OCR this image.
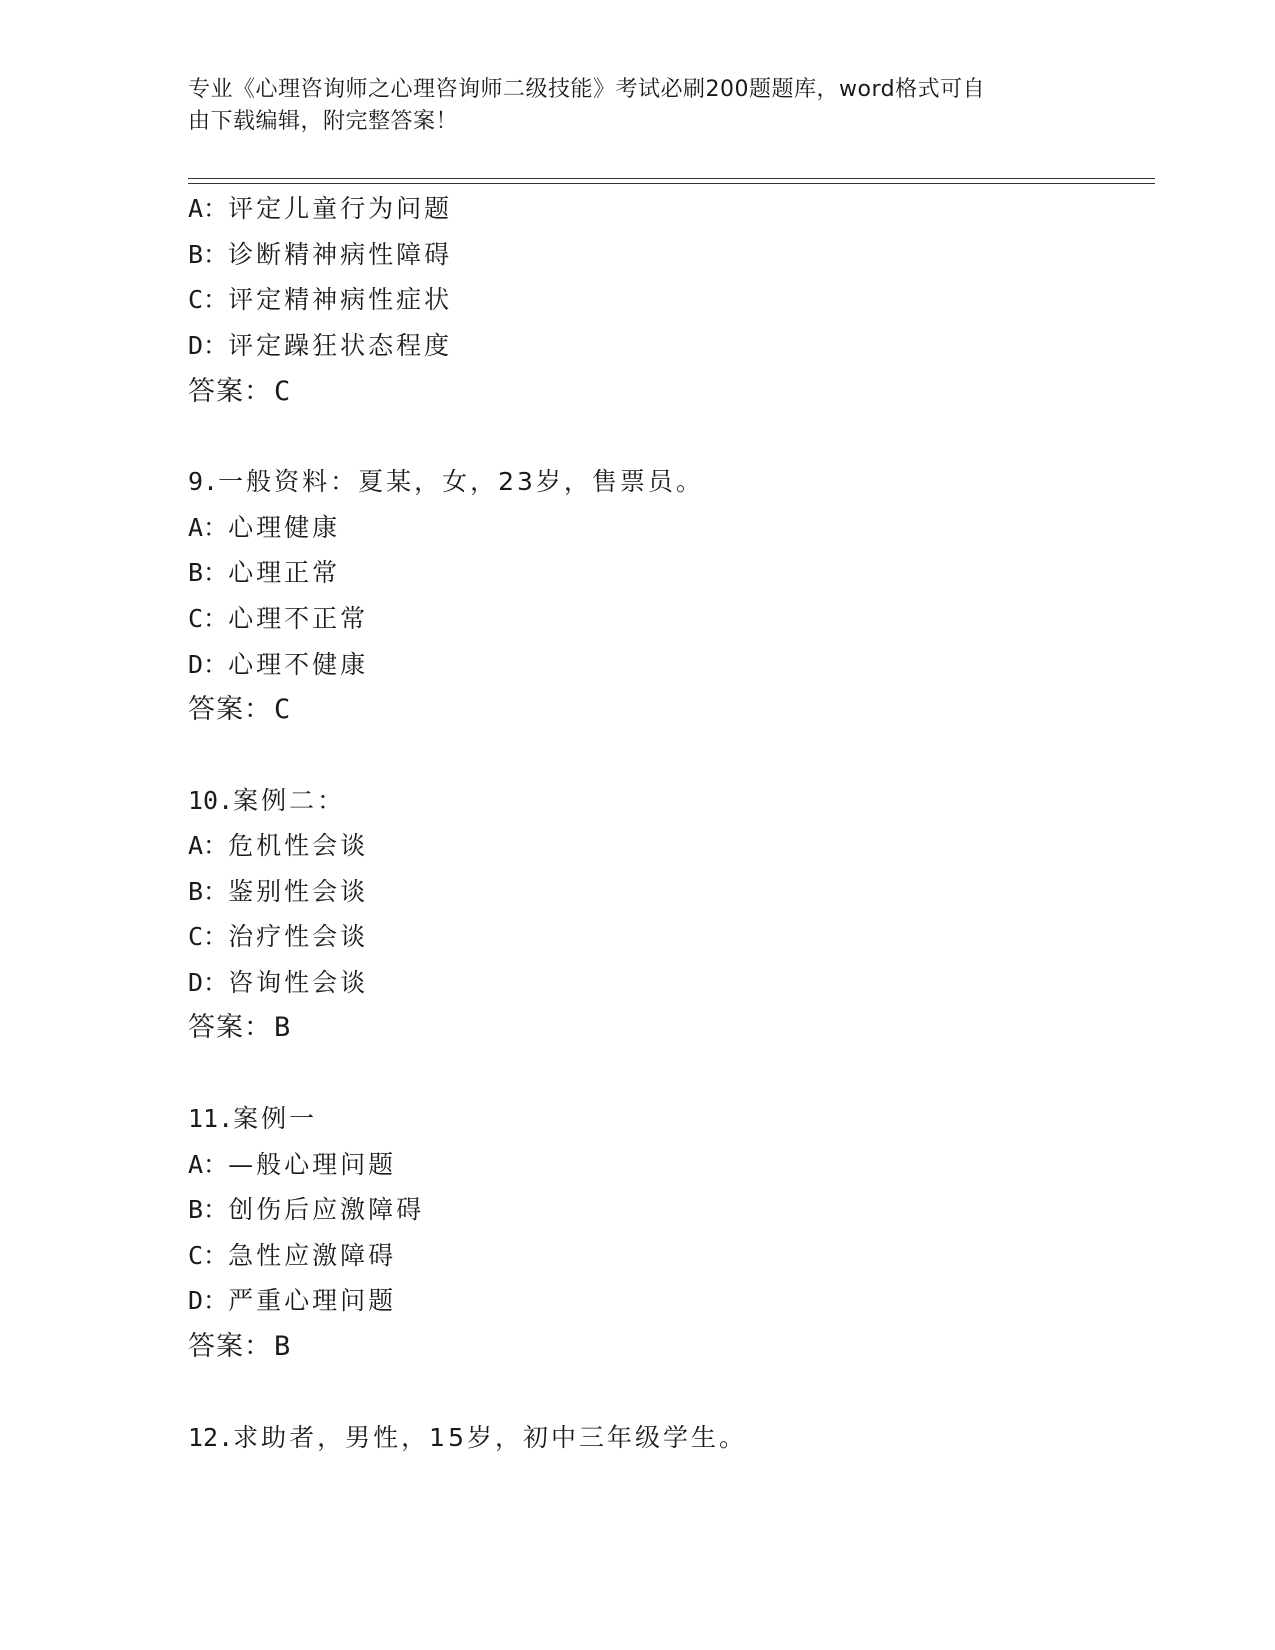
专业《心理咨询师之心理咨询师二级技能》考试必刷200题题库，word格式可自
由下载编辑，附完整答案！
A：评定儿童行为问题
B：诊断精神病性障碍
C：评定精神病性症状
D：评定躁狂状态程度
答案：C
9.一般资料：夏某，女，23岁，售票员。
A：心理健康
B：心理正常
C：心理不正常
D：心理不健康
答案：C
10.案例二：
A：危机性会谈
B：鉴别性会谈
C：治疗性会谈
D：咨询性会谈
答案：B
11.案例一
A：—般心理问题
B：创伤后应激障碍
C：急性应激障碍
D：严重心理问题
答案：B
12.求助者，男性，15岁，初中三年级学生。
